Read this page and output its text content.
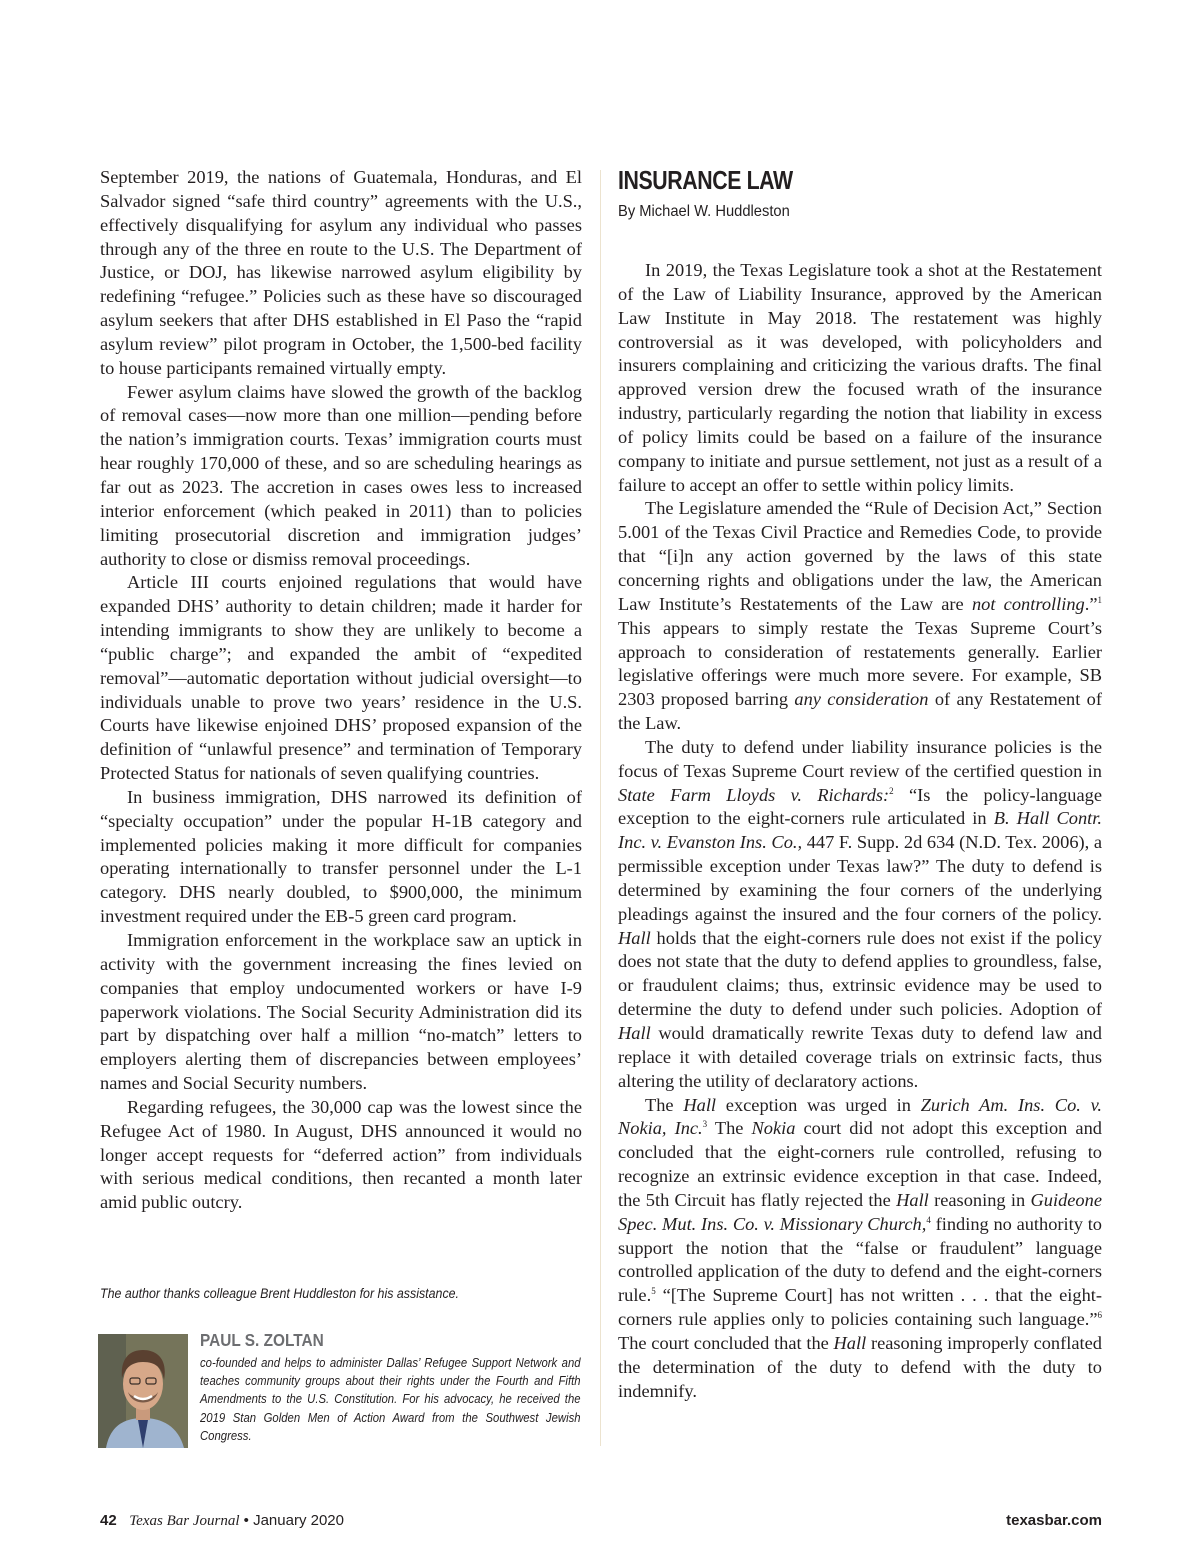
September 2019, the nations of Guatemala, Honduras, and El Salvador signed “safe third country” agreements with the U.S., effectively disqualifying for asylum any individual who passes through any of the three en route to the U.S. The Department of Justice, or DOJ, has likewise narrowed asylum eligibility by redefining “refugee.” Policies such as these have so discouraged asylum seekers that after DHS established in El Paso the “rapid asylum review” pilot program in October, the 1,500-bed facility to house participants remained virtually empty.

Fewer asylum claims have slowed the growth of the backlog of removal cases—now more than one million—pending before the nation’s immigration courts. Texas’ immigration courts must hear roughly 170,000 of these, and so are scheduling hearings as far out as 2023. The accretion in cases owes less to increased interior enforcement (which peaked in 2011) than to policies limiting prosecutorial discretion and immigration judges’ authority to close or dismiss removal proceedings.

Article III courts enjoined regulations that would have expanded DHS’ authority to detain children; made it harder for intending immigrants to show they are unlikely to become a “public charge”; and expanded the ambit of “expedited removal”—automatic deportation without judicial oversight—to individuals unable to prove two years’ residence in the U.S. Courts have likewise enjoined DHS’ proposed expansion of the definition of “unlawful presence” and termination of Temporary Protected Status for nationals of seven qualifying countries.

In business immigration, DHS narrowed its definition of “specialty occupation” under the popular H-1B category and implemented policies making it more difficult for companies operating internationally to transfer personnel under the L-1 category. DHS nearly doubled, to $900,000, the minimum investment required under the EB-5 green card program.

Immigration enforcement in the workplace saw an uptick in activity with the government increasing the fines levied on companies that employ undocumented workers or have I-9 paperwork violations. The Social Security Administration did its part by dispatching over half a million “no-match” letters to employers alerting them of discrepancies between employees’ names and Social Security numbers.

Regarding refugees, the 30,000 cap was the lowest since the Refugee Act of 1980. In August, DHS announced it would no longer accept requests for “deferred action” from individuals with serious medical conditions, then recanted a month later amid public outcry.

The author thanks colleague Brent Huddleston for his assistance.

PAUL S. ZOLTAN

co-founded and helps to administer Dallas’ Refugee Support Network and teaches community groups about their rights under the Fourth and Fifth Amendments to the U.S. Constitution. For his advocacy, he received the 2019 Stan Golden Men of Action Award from the Southwest Jewish Congress.

INSURANCE LAW

By Michael W. Huddleston

In 2019, the Texas Legislature took a shot at the Restatement of the Law of Liability Insurance, approved by the American Law Institute in May 2018. The restatement was highly controversial as it was developed, with policyholders and insurers complaining and criticizing the various drafts. The final approved version drew the focused wrath of the insurance industry, particularly regarding the notion that liability in excess of policy limits could be based on a failure of the insurance company to initiate and pursue settlement, not just as a result of a failure to accept an offer to settle within policy limits.

The Legislature amended the “Rule of Decision Act,” Section 5.001 of the Texas Civil Practice and Remedies Code, to provide that “[i]n any action governed by the laws of this state concerning rights and obligations under the law, the American Law Institute’s Restatements of the Law are not controlling.”$^1$ This appears to simply restate the Texas Supreme Court’s approach to consideration of restatements generally. Earlier legislative offerings were much more severe. For example, SB 2303 proposed barring any consideration of any Restatement of the Law.

The duty to defend under liability insurance policies is the focus of Texas Supreme Court review of the certified question in State Farm Lloyds v. Richards:$^2$ “Is the policy-language exception to the eight-corners rule articulated in B. Hall Contr. Inc. v. Evanston Ins. Co., 447 F. Supp. 2d 634 (N.D. Tex. 2006), a permissible exception under Texas law?” The duty to defend is determined by examining the four corners of the underlying pleadings against the insured and the four corners of the policy. Hall holds that the eight-corners rule does not exist if the policy does not state that the duty to defend applies to groundless, false, or fraudulent claims; thus, extrinsic evidence may be used to determine the duty to defend under such policies. Adoption of Hall would dramatically rewrite Texas duty to defend law and replace it with detailed coverage trials on extrinsic facts, thus altering the utility of declaratory actions.

The Hall exception was urged in Zurich Am. Ins. Co. v. Nokia, Inc.$^3$ The Nokia court did not adopt this exception and concluded that the eight-corners rule controlled, refusing to recognize an extrinsic evidence exception in that case. Indeed, the 5th Circuit has flatly rejected the Hall reasoning in Guideone Spec. Mut. Ins. Co. v. Missionary Church,$^4$ finding no authority to support the notion that the “false or fraudulent” language controlled application of the duty to defend and the eight-corners rule.$^5$ “[The Supreme Court] has not written . . . that the eight-corners rule applies only to policies containing such language.”$^6$ The court concluded that the Hall reasoning improperly conflated the determination of the duty to defend with the duty to indemnify.

42 Texas Bar Journal • January 2020	texasbar.com
